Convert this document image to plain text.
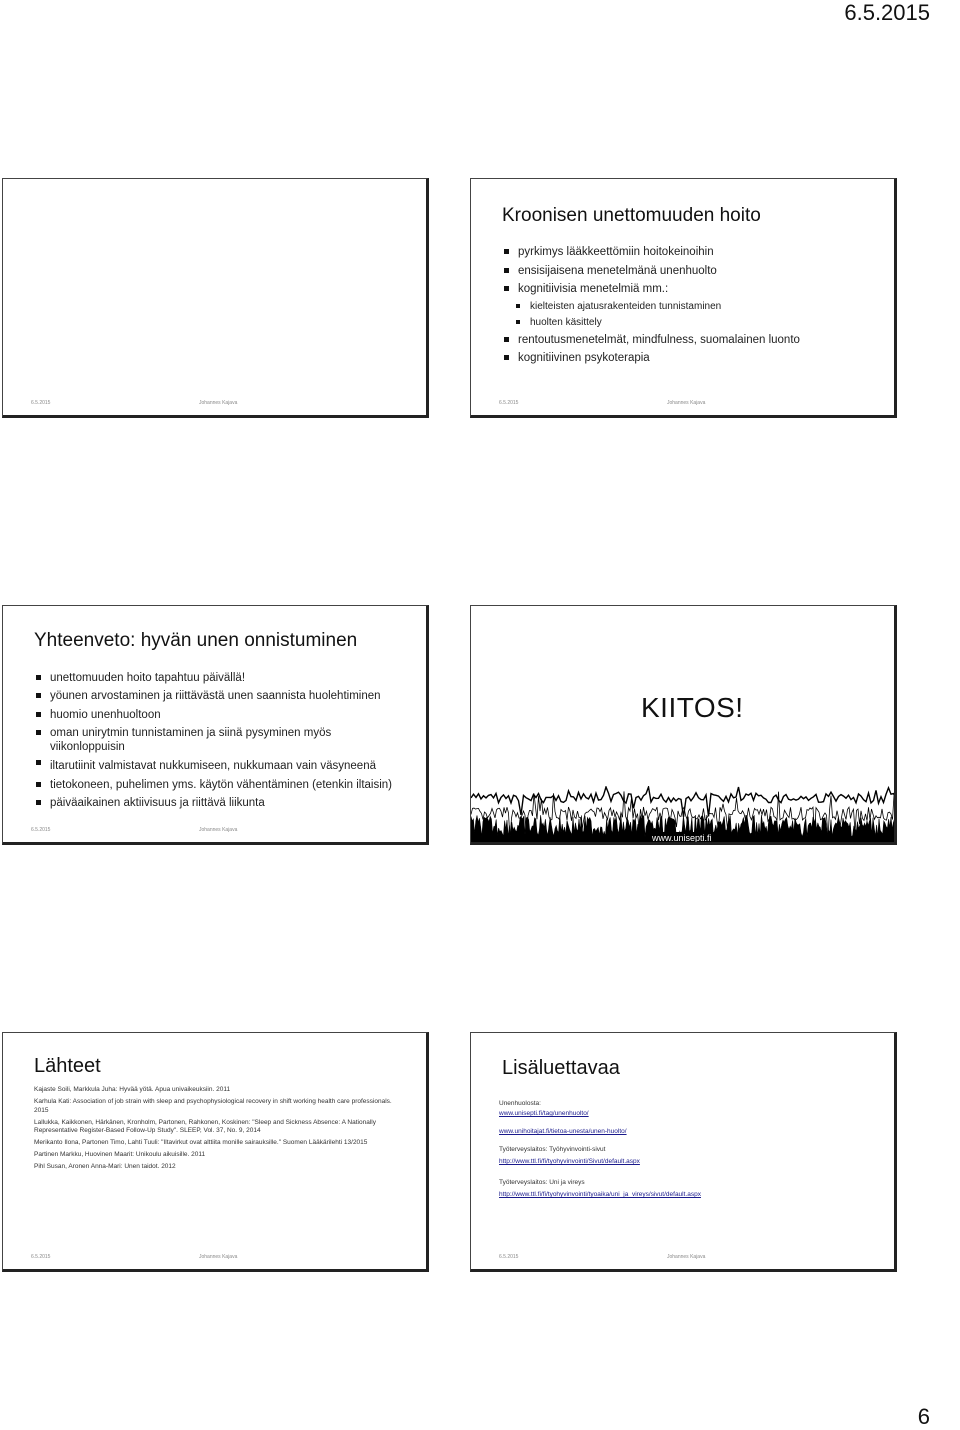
6.5.2015
6.5.2015	Johannes Kajava
Kroonisen unettomuuden hoito
pyrkimys lääkkeettömiin hoitokeinoihin
ensisijaisena menetelmänä unenhuolto
kognitiivisia menetelmiä mm.:
kielteisten ajatusrakenteiden tunnistaminen
huolten käsittely
rentoutusmenetelmät, mindfulness, suomalainen luonto
kognitiivinen psykoterapia
6.5.2015	Johannes Kajava
Yhteenveto: hyvän unen onnistuminen
unettomuuden hoito tapahtuu päivällä!
yöunen arvostaminen ja riittävästä unen saannista huolehtiminen
huomio unenhuoltoon
oman unirytmin tunnistaminen ja siinä pysyminen myös
viikonloppuisin
iltarutiinit valmistavat nukkumiseen, nukkumaan vain väsyneenä
tietokoneen, puhelimen yms. käytön vähentäminen (etenkin iltaisin)
päiväaikainen aktiivisuus ja riittävä liikunta
6.5.2015	Johannes Kajava
KIITOS!
www.unisepti.fi
Lähteet

Kajaste Soili, Markkula Juha: Hyvää yötä. Apua univaikeuksiin. 2011

Karhula Kati: Association of job strain with sleep and psychophysiological recovery in shift working health care professionals. 2015

Lallukka, Kaikkonen, Härkänen, Kronholm, Partonen, Rahkonen, Koskinen: "Sleep and Sickness Absence: A Nationally Representative Register-Based Follow-Up Study". SLEEP, Vol. 37, No. 9, 2014

Merikanto Ilona, Partonen Timo, Lahti Tuuli: "Iltavirkut ovat alttiita monille sairauksille." Suomen Lääkärilehti 13/2015

Partinen Markku, Huovinen Maarit: Unikoulu aikuisille. 2011

Pihl Susan, Aronen Anna-Mari: Unen taidot. 2012

6.5.2015	Johannes Kajava
Lisäluettavaa

Unenhuolosta:

www.unisepti.fi/tag/unenhuolto/

www.unihoitajat.fi/tietoa-unesta/unen-huolto/

Työterveyslaitos: Työhyvinvointi-sivut

http://www.ttl.fi/fi/tyohyvinvointi/Sivut/default.aspx

Työterveyslaitos: Uni ja vireys

http://www.ttl.fi/fi/tyohyvinvointi/tyoaika/uni_ja_vireys/sivut/default.aspx

6.5.2015	Johannes Kajava
6
